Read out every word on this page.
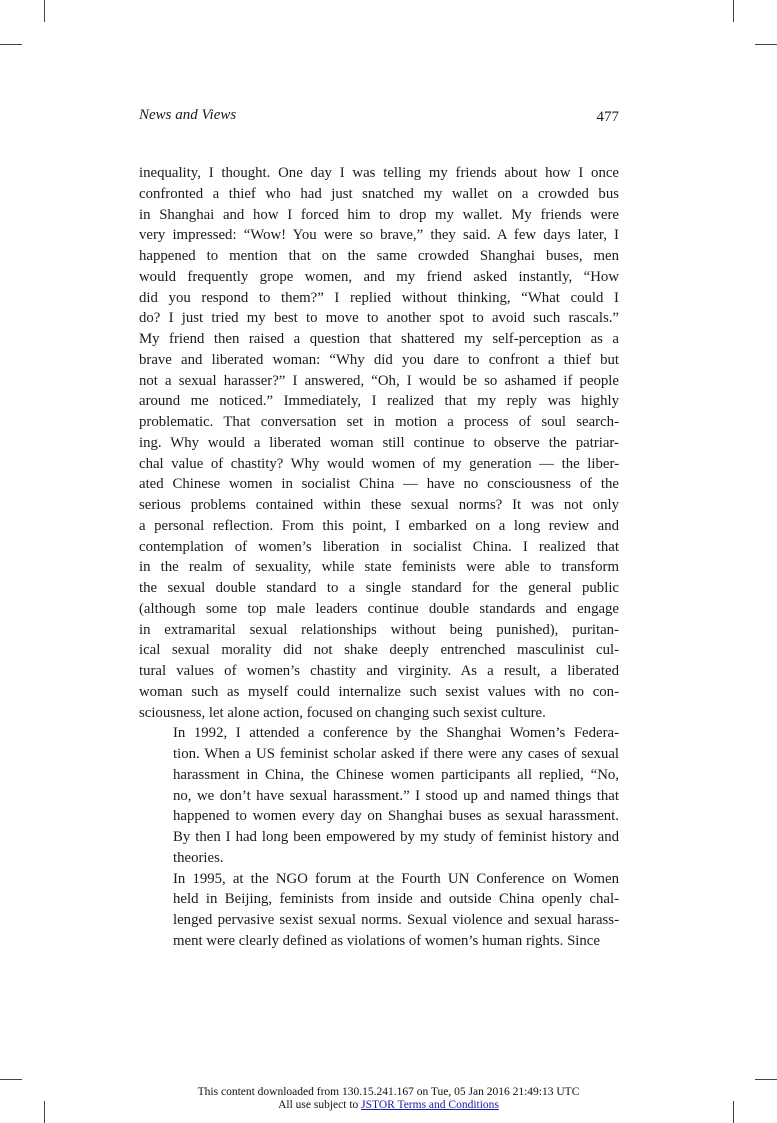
News and Views	477

inequality, I thought. One day I was telling my friends about how I once
confronted a thief who had just snatched my wallet on a crowded bus
in Shanghai and how I forced him to drop my wallet. My friends were
very impressed: “Wow! You were so brave,” they said. A few days later, I
happened to mention that on the same crowded Shanghai buses, men
would frequently grope women, and my friend asked instantly, “How
did you respond to them?” I replied without thinking, “What could I
do? I just tried my best to move to another spot to avoid such rascals.”
My friend then raised a question that shattered my self-perception as a
brave and liberated woman: “Why did you dare to confront a thief but
not a sexual harasser?” I answered, “Oh, I would be so ashamed if people
around me noticed.” Immediately, I realized that my reply was highly
problematic. That conversation set in motion a process of soul search-
ing. Why would a liberated woman still continue to observe the patriar-
chal value of chastity? Why would women of my generation — the liber-
ated Chinese women in socialist China — have no consciousness of the
serious problems contained within these sexual norms? It was not only
a personal reflection. From this point, I embarked on a long review and
contemplation of women’s liberation in socialist China. I realized that
in the realm of sexuality, while state feminists were able to transform
the sexual double standard to a single standard for the general public
(although some top male leaders continue double standards and engage
in extramarital sexual relationships without being punished), puritan-
ical sexual morality did not shake deeply entrenched masculinist cul-
tural values of women’s chastity and virginity. As a result, a liberated
woman such as myself could internalize such sexist values with no con-
sciousness, let alone action, focused on changing such sexist culture.

In 1992, I attended a conference by the Shanghai Women’s Federa-
tion. When a US feminist scholar asked if there were any cases of sexual
harassment in China, the Chinese women participants all replied, “No,
no, we don’t have sexual harassment.” I stood up and named things that
happened to women every day on Shanghai buses as sexual harassment.
By then I had long been empowered by my study of feminist history and
theories.

In 1995, at the NGO forum at the Fourth UN Conference on Women
held in Beijing, feminists from inside and outside China openly chal-
lenged pervasive sexist sexual norms. Sexual violence and sexual harass-
ment were clearly defined as violations of women’s human rights. Since

This content downloaded from 130.15.241.167 on Tue, 05 Jan 2016 21:49:13 UTC
All use subject to JSTOR Terms and Conditions
